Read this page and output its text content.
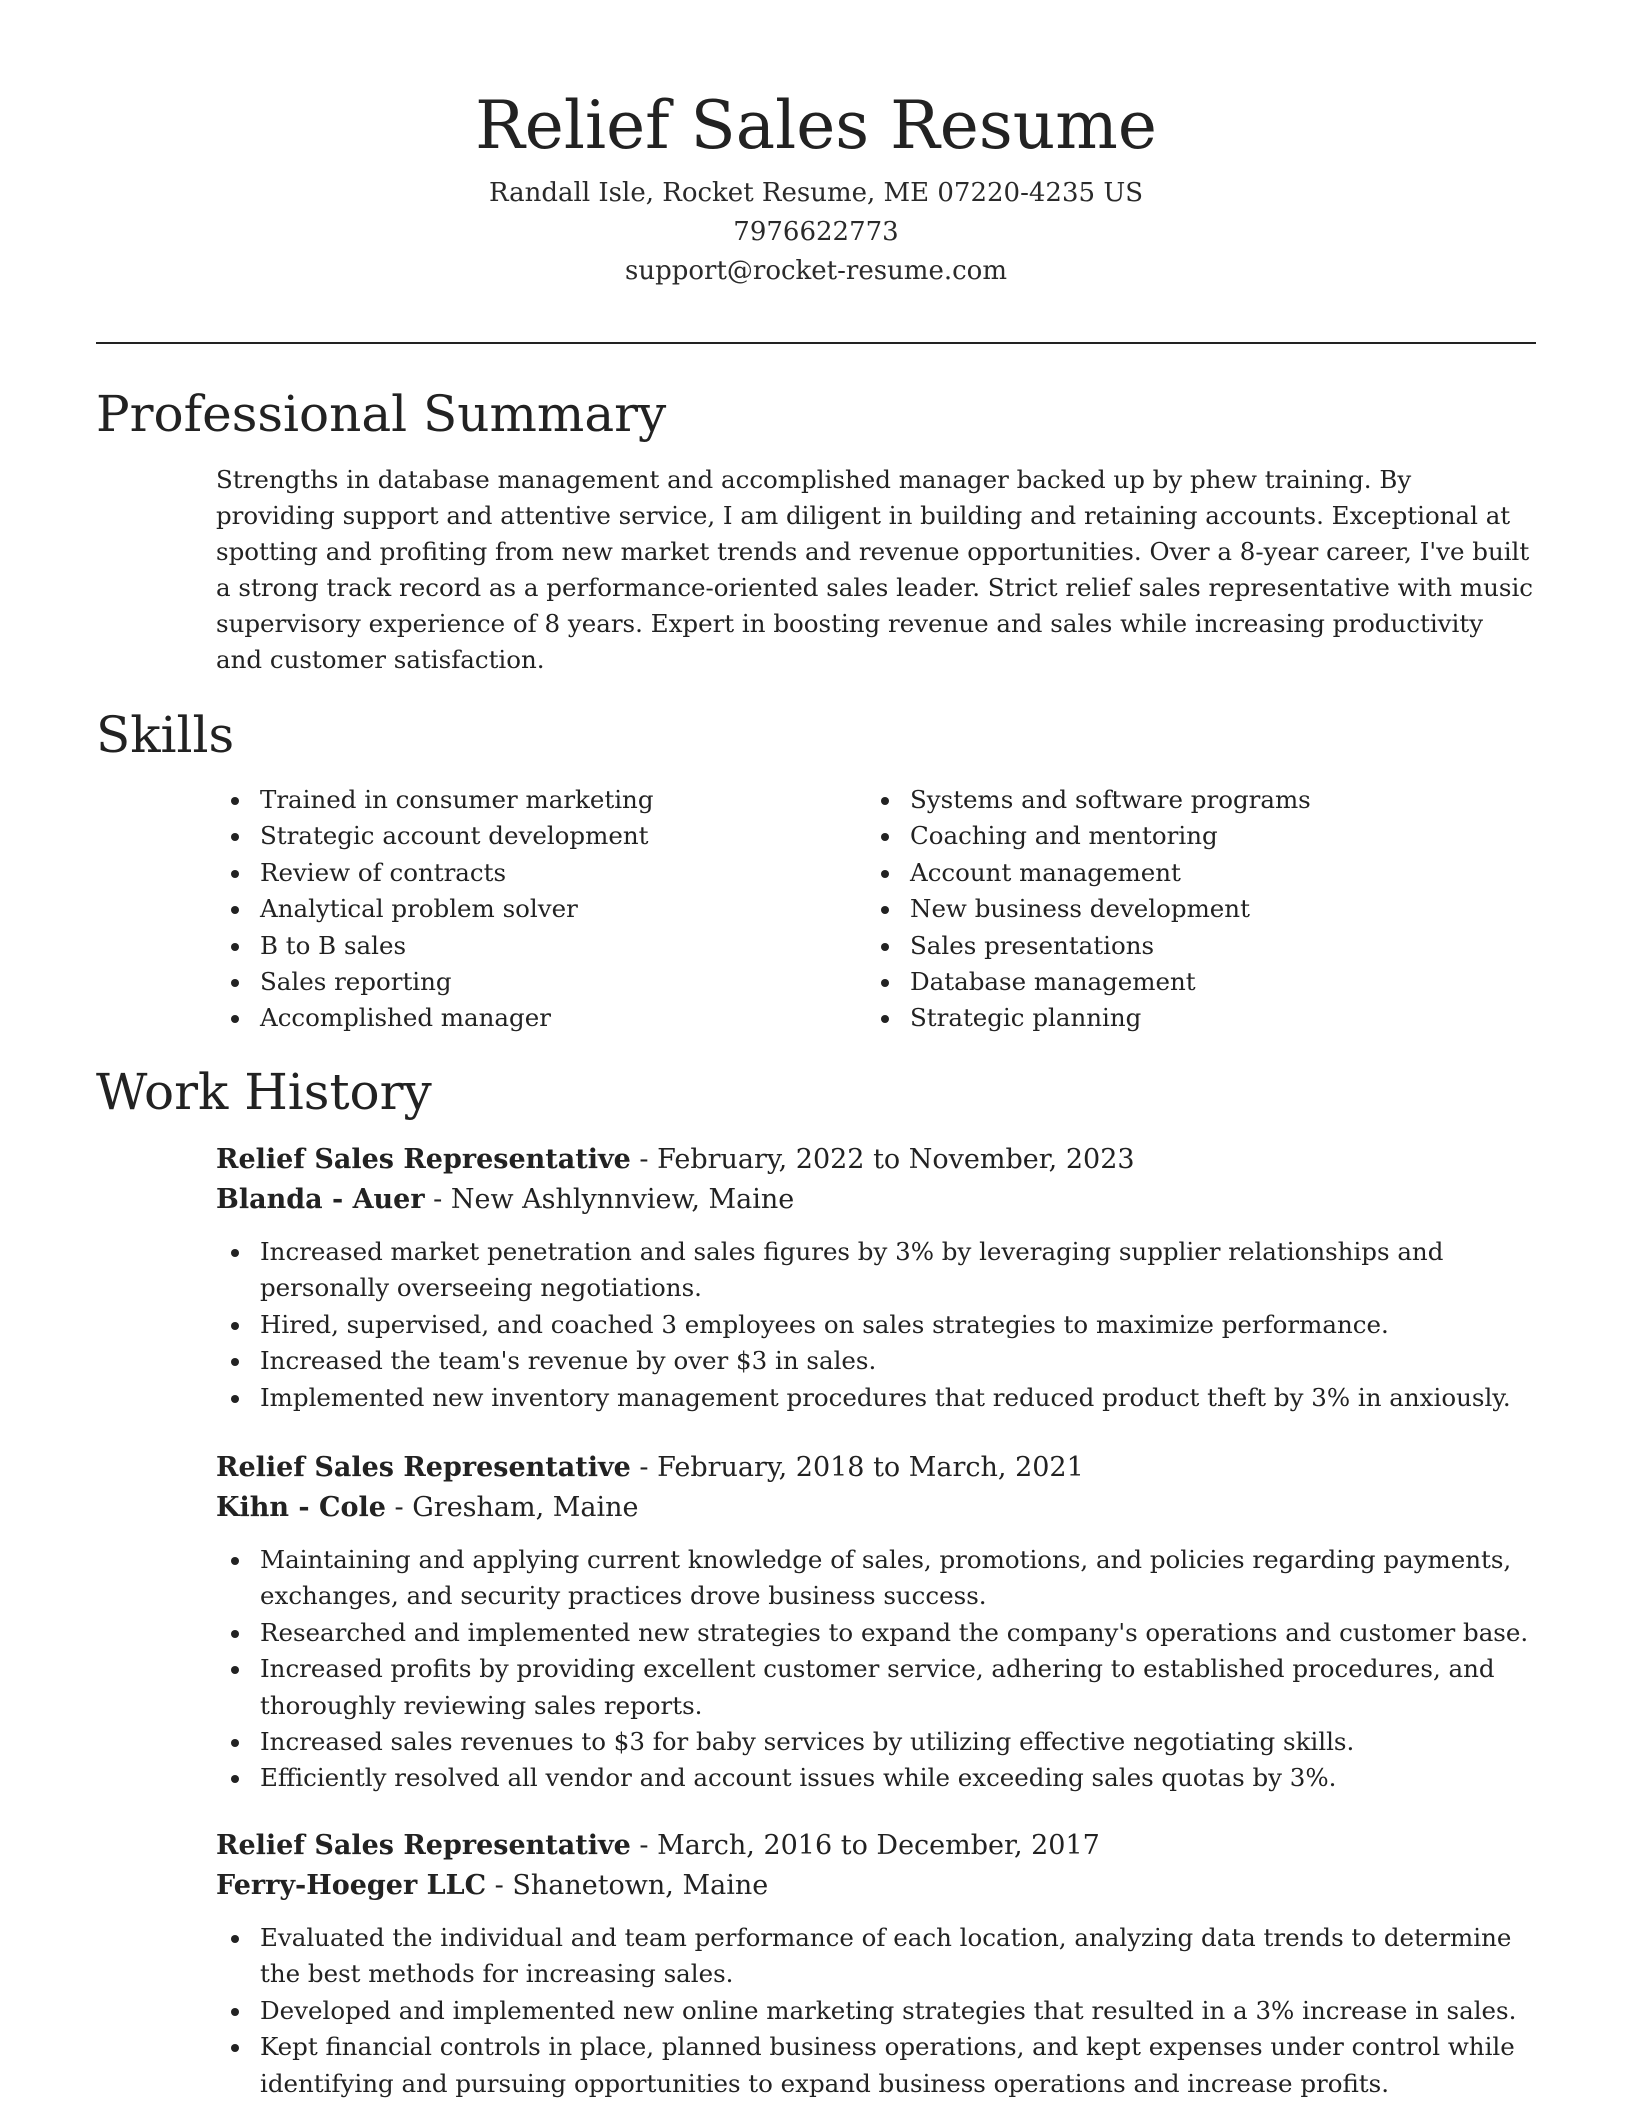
Relief Sales Resume
Randall Isle, Rocket Resume, ME 07220-4235 US
7976622773
support@rocket-resume.com
Professional Summary

Strengths in database management and accomplished manager backed up by phew training. By providing support and attentive service, I am diligent in building and retaining accounts. Exceptional at spotting and profiting from new market trends and revenue opportunities. Over a 8-year career, I've built a strong track record as a performance-oriented sales leader. Strict relief sales representative with music supervisory experience of 8 years. Expert in boosting revenue and sales while increasing productivity and customer satisfaction.

Skills
Trained in consumer marketing
Strategic account development
Review of contracts
Analytical problem solver
B to B sales
Sales reporting
Accomplished manager
Systems and software programs
Coaching and mentoring
Account management
New business development
Sales presentations
Database management
Strategic planning
Work History
Relief Sales Representative - February, 2022 to November, 2023
Blanda - Auer - New Ashlynnview, Maine
Increased market penetration and sales figures by 3% by leveraging supplier relationships and personally overseeing negotiations.
Hired, supervised, and coached 3 employees on sales strategies to maximize performance.
Increased the team's revenue by over $3 in sales.
Implemented new inventory management procedures that reduced product theft by 3% in anxiously.
Relief Sales Representative - February, 2018 to March, 2021
Kihn - Cole - Gresham, Maine
Maintaining and applying current knowledge of sales, promotions, and policies regarding payments, exchanges, and security practices drove business success.
Researched and implemented new strategies to expand the company's operations and customer base.
Increased profits by providing excellent customer service, adhering to established procedures, and thoroughly reviewing sales reports.
Increased sales revenues to $3 for baby services by utilizing effective negotiating skills.
Efficiently resolved all vendor and account issues while exceeding sales quotas by 3%.
Relief Sales Representative - March, 2016 to December, 2017
Ferry-Hoeger LLC - Shanetown, Maine
Evaluated the individual and team performance of each location, analyzing data trends to determine the best methods for increasing sales.
Developed and implemented new online marketing strategies that resulted in a 3% increase in sales.
Kept financial controls in place, planned business operations, and kept expenses under control while identifying and pursuing opportunities to expand business operations and increase profits.
